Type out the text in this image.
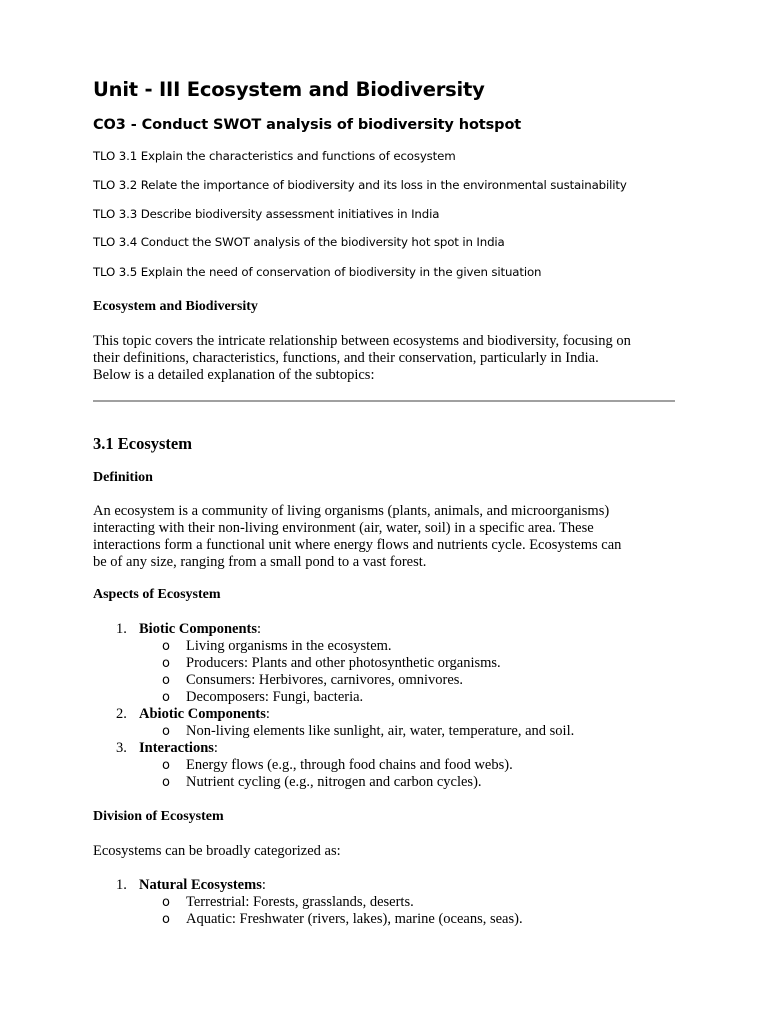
Unit - III Ecosystem and Biodiversity
CO3 - Conduct SWOT analysis of biodiversity hotspot

TLO 3.1 Explain the characteristics and functions of ecosystem

TLO 3.2 Relate the importance of biodiversity and its loss in the environmental sustainability

TLO 3.3 Describe biodiversity assessment initiatives in India

TLO 3.4 Conduct the SWOT analysis of the biodiversity hot spot in India

TLO 3.5 Explain the need of conservation of biodiversity in the given situation

Ecosystem and Biodiversity

This topic covers the intricate relationship between ecosystems and biodiversity, focusing on
their definitions, characteristics, functions, and their conservation, particularly in India.
Below is a detailed explanation of the subtopics:

3.1 Ecosystem

Definition

An ecosystem is a community of living organisms (plants, animals, and microorganisms)
interacting with their non-living environment (air, water, soil) in a specific area. These
interactions form a functional unit where energy flows and nutrients cycle. Ecosystems can
be of any size, ranging from a small pond to a vast forest.

Aspects of Ecosystem

1. Biotic Components:

o Living organisms in the ecosystem.

o Producers: Plants and other photosynthetic organisms.

o Consumers: Herbivores, carnivores, omnivores.

o Decomposers: Fungi, bacteria.

2. Abiotic Components:

o Non-living elements like sunlight, air, water, temperature, and soil.

3. Interactions:

o Energy flows (e.g., through food chains and food webs).

o Nutrient cycling (e.g., nitrogen and carbon cycles).

Division of Ecosystem

Ecosystems can be broadly categorized as:

1. Natural Ecosystems:

o Terrestrial: Forests, grasslands, deserts.

o Aquatic: Freshwater (rivers, lakes), marine (oceans, seas).
